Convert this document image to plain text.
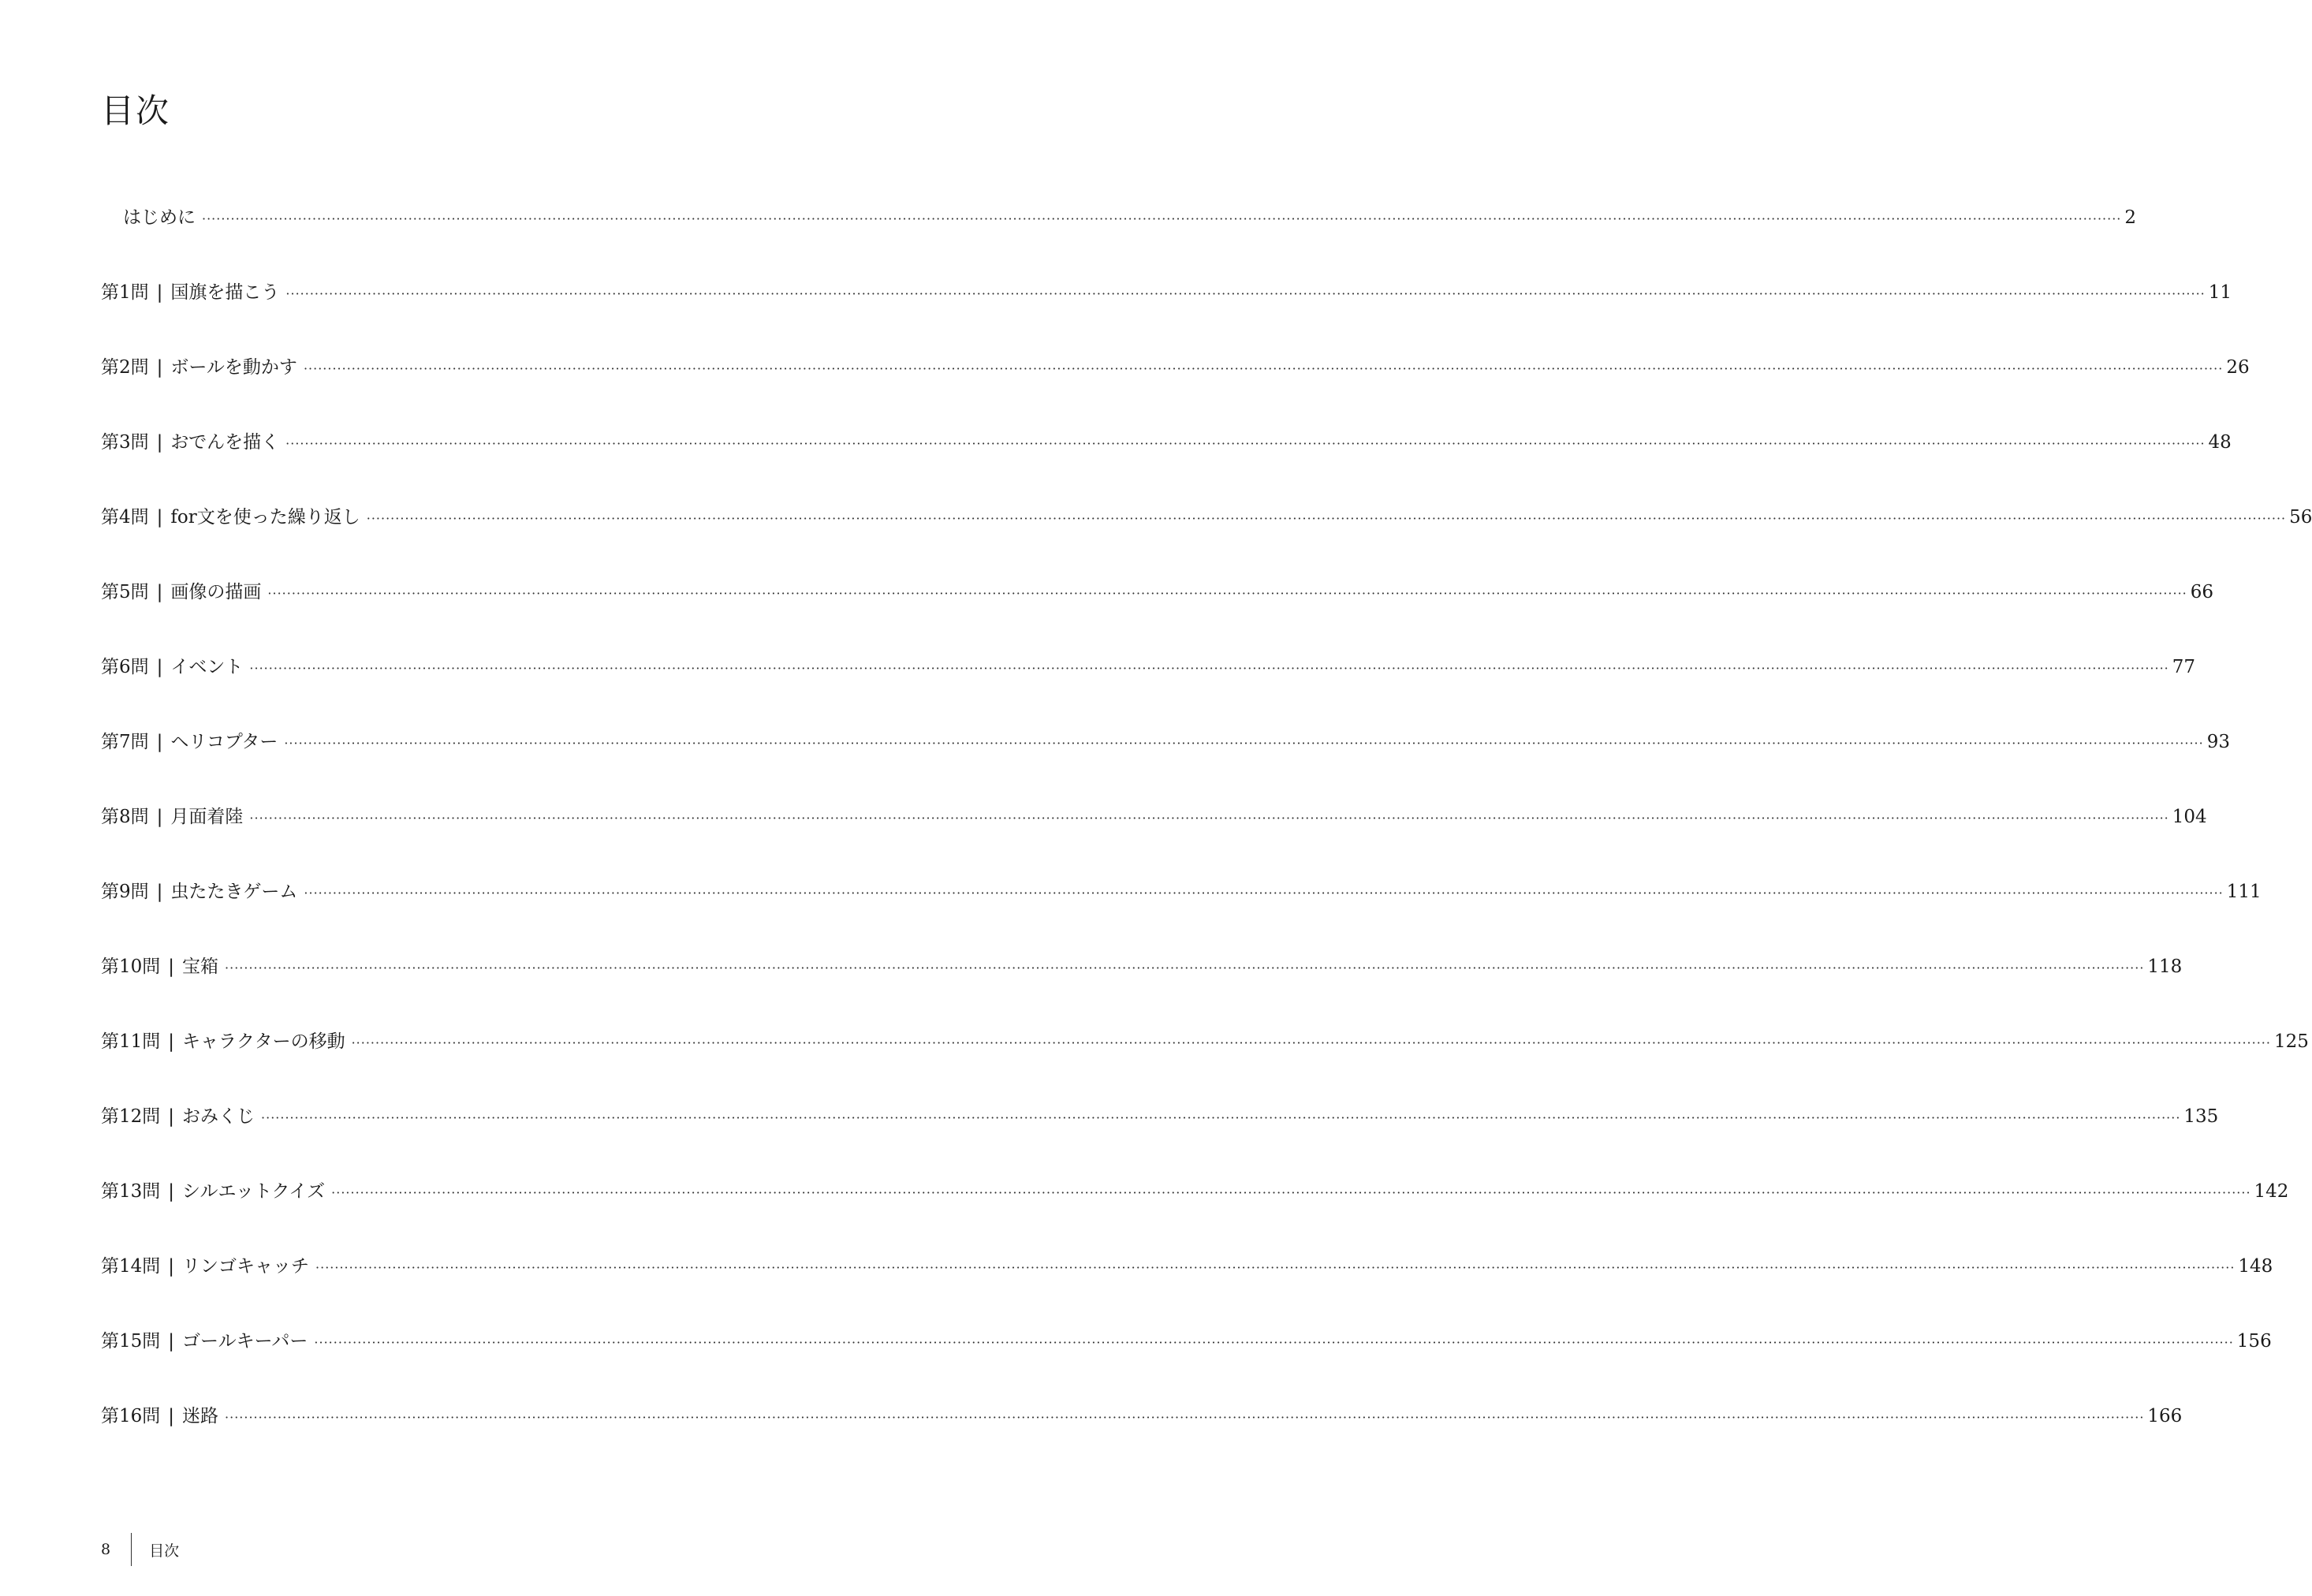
目次
はじめに ················································································································································································································································································································································································································ 2
第1問 | 国旗を描こう ················································································································································································································································································································································································································ 11
第2問 | ボールを動かす ················································································································································································································································································································································································································ 26
第3問 | おでんを描く ················································································································································································································································································································································································································ 48
第4問 | for文を使った繰り返し ················································································································································································································································································································································································································ 56
第5問 | 画像の描画 ················································································································································································································································································································································································································ 66
第6問 | イベント ················································································································································································································································································································································································································ 77
第7問 | ヘリコプター ················································································································································································································································································································································································································ 93
第8問 | 月面着陸 ················································································································································································································································································································································································································ 104
第9問 | 虫たたきゲーム ················································································································································································································································································································································································································ 111
第10問 | 宝箱 ················································································································································································································································································································································································································ 118
第11問 | キャラクターの移動 ················································································································································································································································································································································································································ 125
第12問 | おみくじ ················································································································································································································································································································································································································ 135
第13問 | シルエットクイズ ················································································································································································································································································································································································································ 142
第14問 | リンゴキャッチ ················································································································································································································································································································································································································ 148
第15問 | ゴールキーパー ················································································································································································································································································································································································································ 156
第16問 | 迷路 ················································································································································································································································································································································································································ 166
8	目次
